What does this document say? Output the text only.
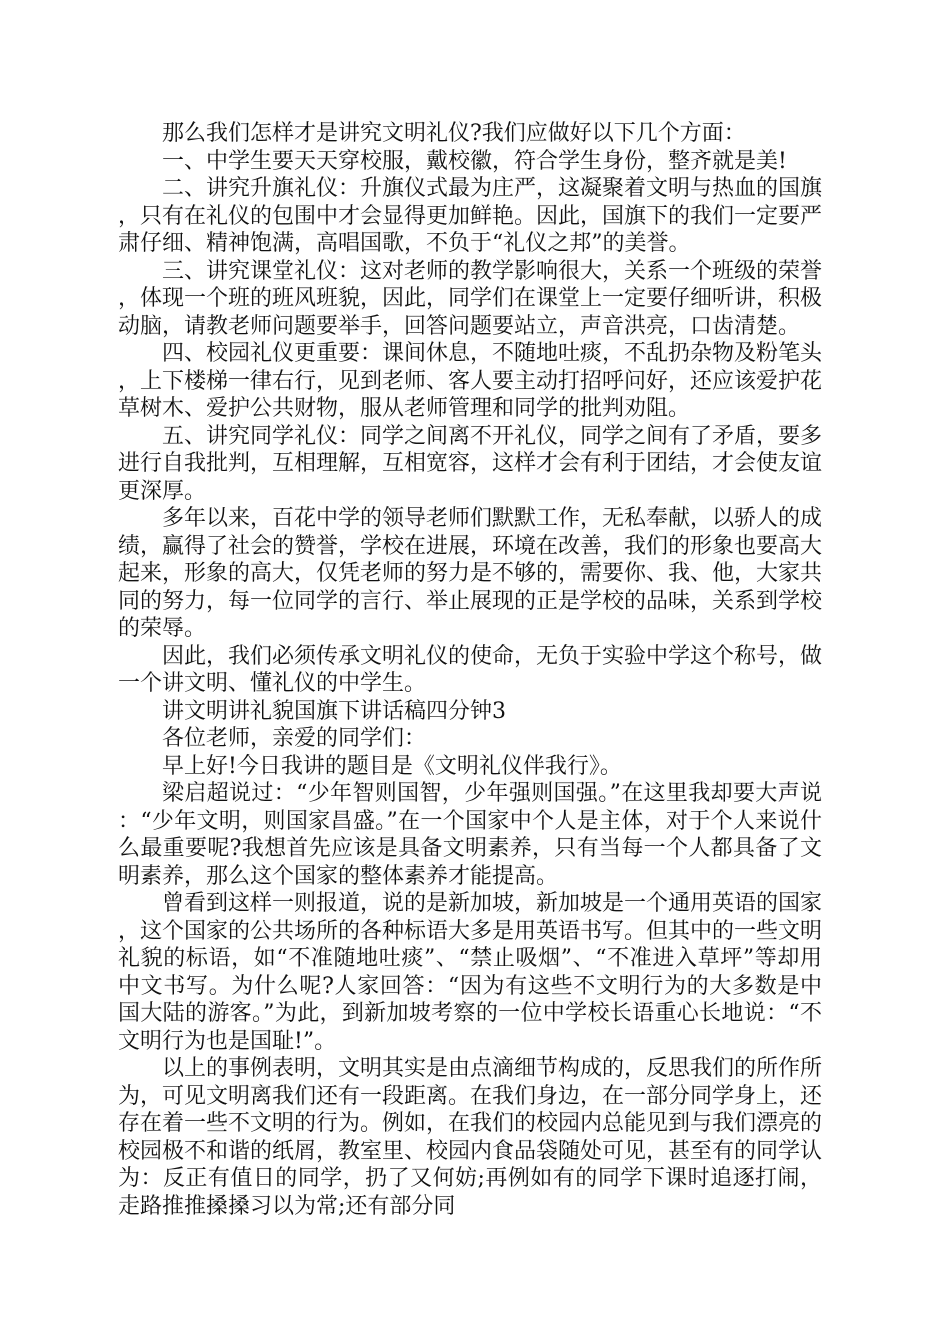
那么我们怎样才是讲究文明礼仪?我们应做好以下几个方面：

一、中学生要天天穿校服，戴校徽，符合学生身份，整齐就是美!

二、讲究升旗礼仪：升旗仪式最为庄严，这凝聚着文明与热血的国旗，只有在礼仪的包围中才会显得更加鲜艳。因此，国旗下的我们一定要严肃仔细、精神饱满，高唱国歌，不负于“礼仪之邦”的美誉。

三、讲究课堂礼仪：这对老师的教学影响很大，关系一个班级的荣誉，体现一个班的班风班貌，因此，同学们在课堂上一定要仔细听讲，积极动脑，请教老师问题要举手，回答问题要站立，声音洪亮，口齿清楚。

四、校园礼仪更重要：课间休息，不随地吐痰，不乱扔杂物及粉笔头，上下楼梯一律右行，见到老师、客人要主动打招呼问好，还应该爱护花草树木、爱护公共财物，服从老师管理和同学的批判劝阻。

五、讲究同学礼仪：同学之间离不开礼仪，同学之间有了矛盾，要多进行自我批判，互相理解，互相宽容，这样才会有利于团结，才会使友谊更深厚。

多年以来，百花中学的领导老师们默默工作，无私奉献，以骄人的成绩，赢得了社会的赞誉，学校在进展，环境在改善，我们的形象也要高大起来，形象的高大，仅凭老师的努力是不够的，需要你、我、他，大家共同的努力，每一位同学的言行、举止展现的正是学校的品味，关系到学校的荣辱。

因此，我们必须传承文明礼仪的使命，无负于实验中学这个称号，做一个讲文明、懂礼仪的中学生。

讲文明讲礼貌国旗下讲话稿四分钟3

各位老师，亲爱的同学们：

早上好!今日我讲的题目是《文明礼仪伴我行》。

梁启超说过：“少年智则国智，少年强则国强。”在这里我却要大声说：“少年文明，则国家昌盛。”在一个国家中个人是主体，对于个人来说什么最重要呢?我想首先应该是具备文明素养，只有当每一个人都具备了文明素养，那么这个国家的整体素养才能提高。

曾看到这样一则报道，说的是新加坡，新加坡是一个通用英语的国家，这个国家的公共场所的各种标语大多是用英语书写。但其中的一些文明礼貌的标语，如“不准随地吐痰”、“禁止吸烟”、“不准进入草坪”等却用中文书写。为什么呢?人家回答：“因为有这些不文明行为的大多数是中国大陆的游客。”为此，到新加坡考察的一位中学校长语重心长地说：“不文明行为也是国耻!”。

以上的事例表明，文明其实是由点滴细节构成的，反思我们的所作所为，可见文明离我们还有一段距离。在我们身边，在一部分同学身上，还存在着一些不文明的行为。例如，在我们的校园内总能见到与我们漂亮的校园极不和谐的纸屑，教室里、校园内食品袋随处可见，甚至有的同学认为：反正有值日的同学，扔了又何妨;再例如有的同学下课时追逐打闹，走路推推搡搡习以为常;还有部分同
